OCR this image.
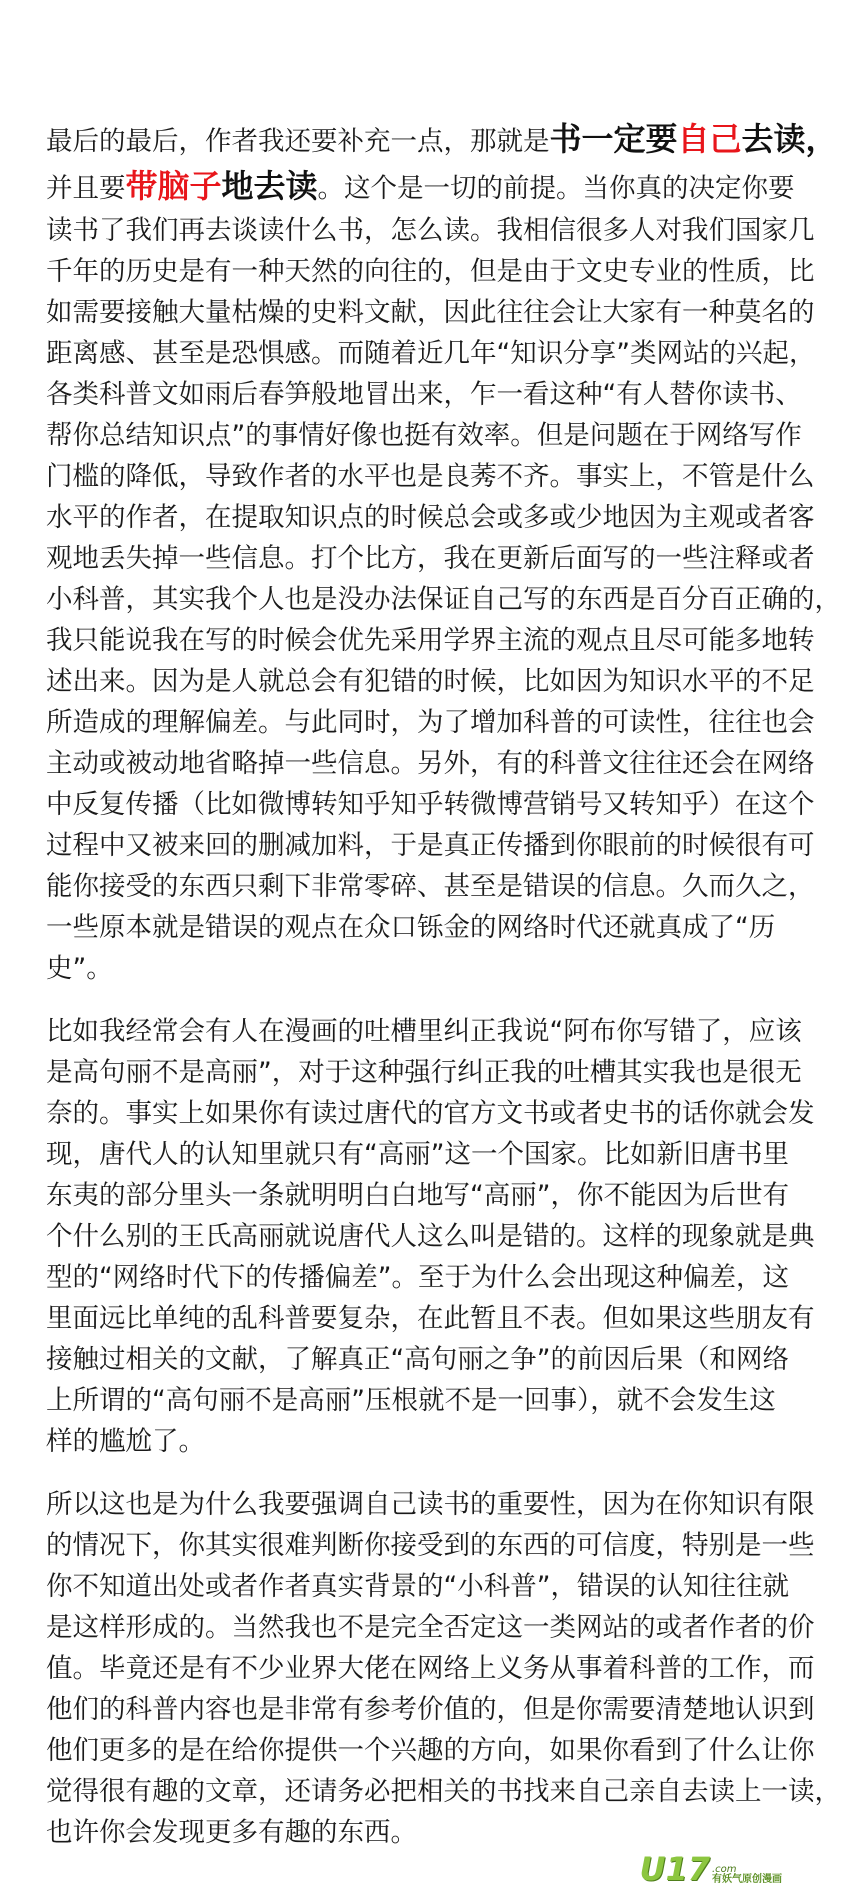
最后的最后，作者我还要补充一点，那就是书一定要自己去读，
并且要带脑子地去读。这个是一切的前提。当你真的决定你要
读书了我们再去谈读什么书，怎么读。我相信很多人对我们国家几
千年的历史是有一种天然的向往的，但是由于文史专业的性质，比
如需要接触大量枯燥的史料文献，因此往往会让大家有一种莫名的
距离感、甚至是恐惧感。而随着近几年“知识分享”类网站的兴起，
各类科普文如雨后春笋般地冒出来，乍一看这种“有人替你读书、
帮你总结知识点”的事情好像也挺有效率。但是问题在于网络写作
门槛的降低，导致作者的水平也是良莠不齐。事实上，不管是什么
水平的作者，在提取知识点的时候总会或多或少地因为主观或者客
观地丢失掉一些信息。打个比方，我在更新后面写的一些注释或者
小科普，其实我个人也是没办法保证自己写的东西是百分百正确的，
我只能说我在写的时候会优先采用学界主流的观点且尽可能多地转
述出来。因为是人就总会有犯错的时候，比如因为知识水平的不足
所造成的理解偏差。与此同时，为了增加科普的可读性，往往也会
主动或被动地省略掉一些信息。另外，有的科普文往往还会在网络
中反复传播（比如微博转知乎知乎转微博营销号又转知乎）在这个
过程中又被来回的删减加料，于是真正传播到你眼前的时候很有可
能你接受的东西只剩下非常零碎、甚至是错误的信息。久而久之，
一些原本就是错误的观点在众口铄金的网络时代还就真成了“历
史”。

比如我经常会有人在漫画的吐槽里纠正我说“阿布你写错了，应该
是高句丽不是高丽”，对于这种强行纠正我的吐槽其实我也是很无
奈的。事实上如果你有读过唐代的官方文书或者史书的话你就会发
现，唐代人的认知里就只有“高丽”这一个国家。比如新旧唐书里
东夷的部分里头一条就明明白白地写“高丽”，你不能因为后世有
个什么别的王氏高丽就说唐代人这么叫是错的。这样的现象就是典
型的“网络时代下的传播偏差”。至于为什么会出现这种偏差，这
里面远比单纯的乱科普要复杂，在此暂且不表。但如果这些朋友有
接触过相关的文献，了解真正“高句丽之争”的前因后果（和网络
上所谓的“高句丽不是高丽”压根就不是一回事），就不会发生这
样的尴尬了。

所以这也是为什么我要强调自己读书的重要性，因为在你知识有限
的情况下，你其实很难判断你接受到的东西的可信度，特别是一些
你不知道出处或者作者真实背景的“小科普”，错误的认知往往就
是这样形成的。当然我也不是完全否定这一类网站的或者作者的价
值。毕竟还是有不少业界大佬在网络上义务从事着科普的工作，而
他们的科普内容也是非常有参考价值的，但是你需要清楚地认识到
他们更多的是在给你提供一个兴趣的方向，如果你看到了什么让你
觉得很有趣的文章，还请务必把相关的书找来自己亲自去读上一读，
也许你会发现更多有趣的东西。

U17 .com
有妖气原创漫画
